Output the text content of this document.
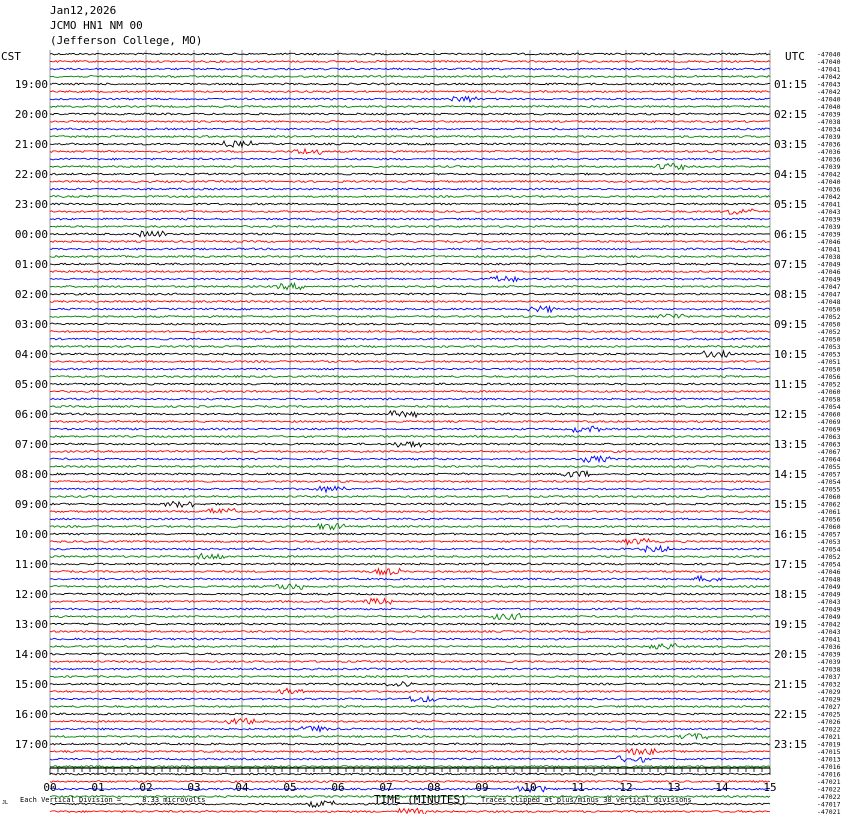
Jan12,2026
JCMO HN1 NM 00
(Jefferson College, MO)
CST	UTC
00	01	02	03	04	05	06	07	08	09	10	11	12	13	14	15
19:00
20:00
21:00
22:00
23:00
00:00
01:00
02:00
03:00
04:00
05:00
06:00
07:00
08:00
09:00
10:00
11:00
12:00
13:00
14:00
15:00
16:00
17:00
01:15
02:15
03:15
04:15
05:15
06:15
07:15
08:15
09:15
10:15
11:15
12:15
13:15
14:15
15:15
16:15
17:15
18:15
19:15
20:15
21:15
22:15
23:15
-47040
-47040
-47041
-47042
-47043
-47042
-47040
-47040
-47039
-47038
-47034
-47039
-47036
-47036
-47036
-47039
-47042
-47040
-47036
-47042
-47041
-47043
-47039
-47039
-47039
-47046
-47041
-47038
-47049
-47046
-47049
-47047
-47047
-47048
-47050
-47052
-47050
-47052
-47050
-47053
-47053
-47051
-47050
-47056
-47052
-47060
-47058
-47054
-47060
-47069
-47069
-47063
-47063
-47067
-47064
-47055
-47057
-47054
-47055
-47060
-47062
-47061
-47056
-47060
-47057
-47053
-47054
-47052
-47054
-47046
-47048
-47049
-47049
-47043
-47049
-47049
-47042
-47043
-47041
-47036
-47039
-47039
-47038
-47037
-47032
-47029
-47029
-47027
-47025
-47026
-47022
-47021
-47019
-47015
-47013
-47016
-47016
-47021
-47022
-47022
-47017
-47021
TIME (MINUTES)
Each Vertical Division =     8.33 microvolts	Traces clipped at plus/minus 30 vertical divisions
JL
